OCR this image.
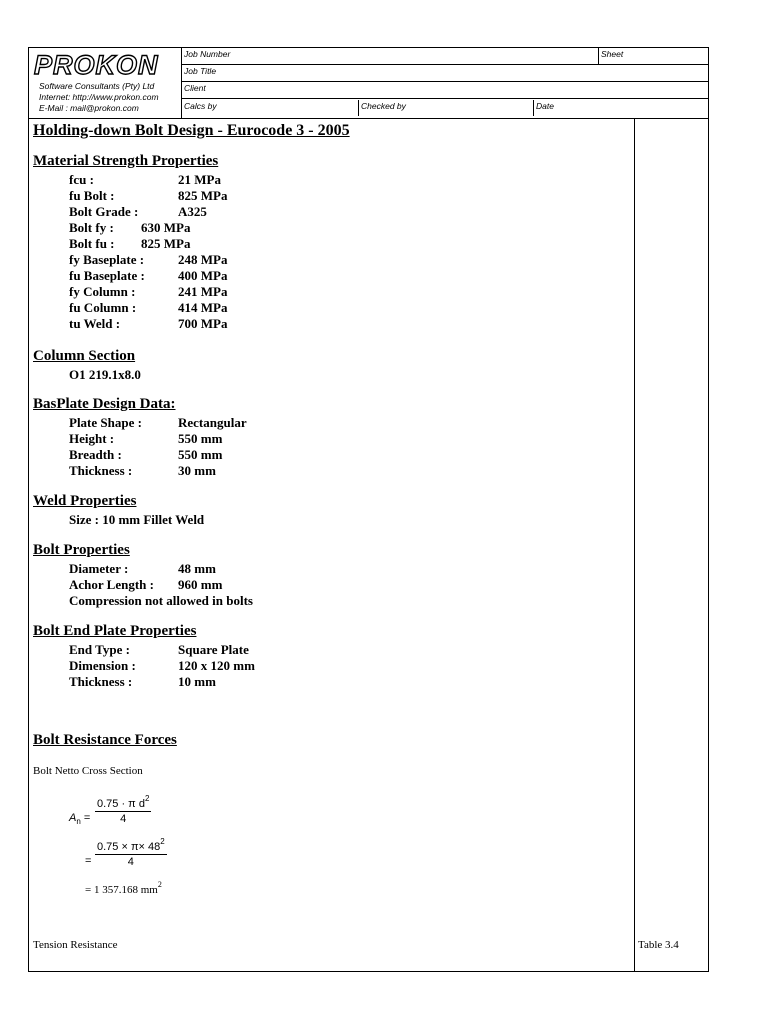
PROKON
Software Consultants (Pty) Ltd
Internet: http://www.prokon.com
E-Mail : mail@prokon.com
Job Number	Sheet
Job Title
Client
Calcs by	Checked by	Date
Holding-down Bolt Design - Eurocode 3 - 2005
Material Strength Properties
fcu :	21 MPa
fu Bolt :	825 MPa
Bolt Grade :	A325
Bolt fy : 630 MPa
Bolt fu : 825 MPa
fy Baseplate :	248 MPa
fu Baseplate :	400 MPa
fy Column :	241 MPa
fu Column :	414 MPa
tu Weld :	700 MPa
Column Section
O1 219.1x8.0
BasPlate Design Data:
Plate Shape :	Rectangular
Height :	550 mm
Breadth :	550 mm
Thickness :	30 mm
Weld Properties
Size : 10 mm Fillet Weld
Bolt Properties
Diameter :	48 mm
Achor Length : 960 mm
Compression not allowed in bolts
Bolt End Plate Properties
End Type :	Square Plate
Dimension :	120 x 120 mm
Thickness :	10 mm
Bolt Resistance Forces
Bolt Netto Cross Section
$A_n = \frac{0.75 \cdot \pi d^2}{4}$
= $\frac{0.75 \times \pi\times 48^2}{4}$
= 1 357.168 $mm^2$
Tension Resistance	Table 3.4
